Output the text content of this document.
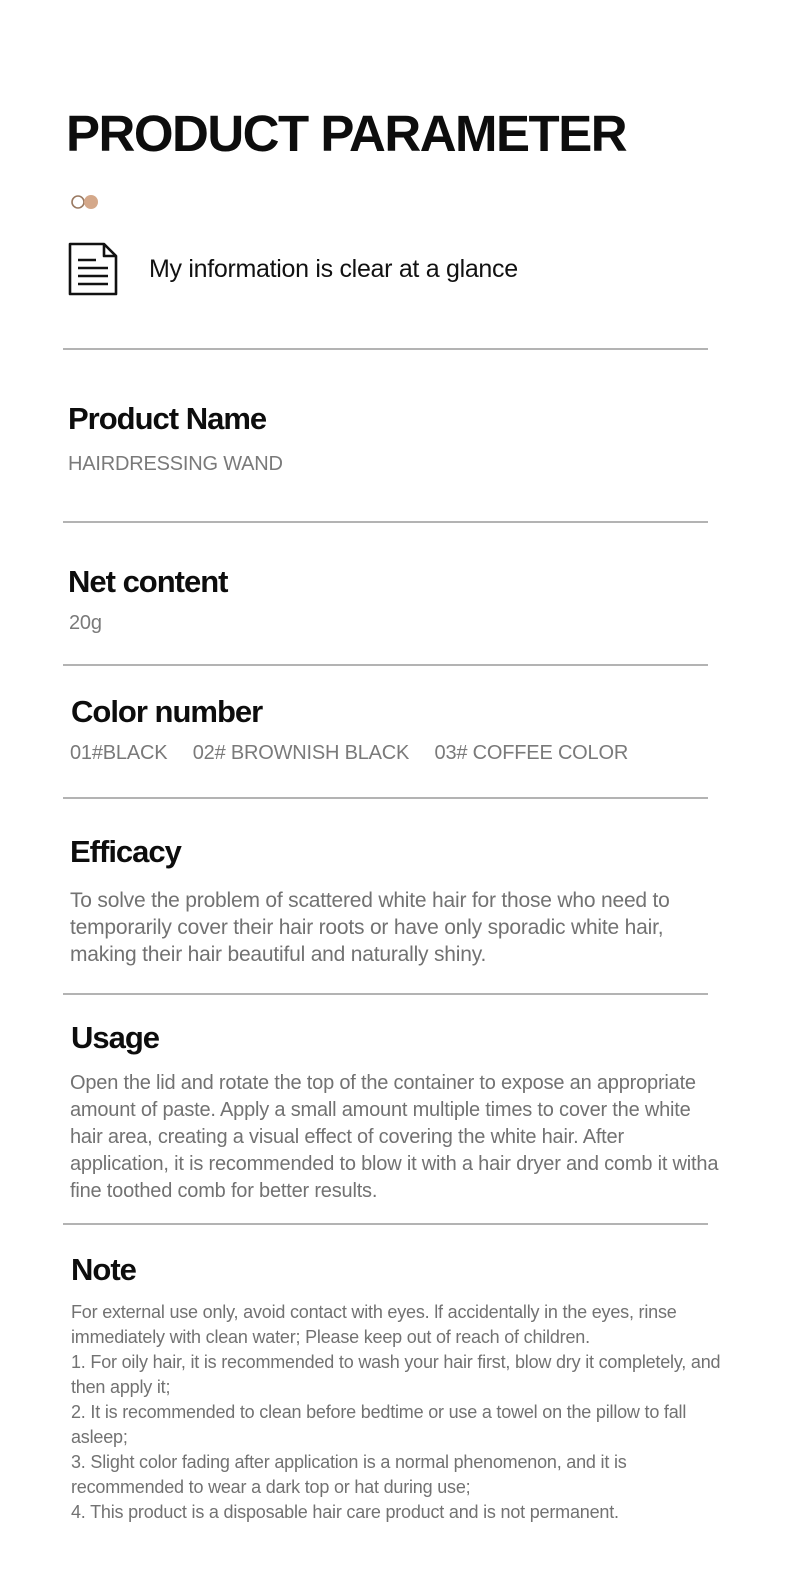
PRODUCT PARAMETER
My information is clear at a glance
Product Name
HAIRDRESSING WAND
Net content
20g
Color number
01#BLACK 02# BROWNISH BLACK 03# COFFEE COLOR
Efficacy
To solve the problem of scattered white hair for those who need to temporarily cover their hair roots or have only sporadic white hair, making their hair beautiful and naturally shiny.
Usage
Open the lid and rotate the top of the container to expose an appropriate amount of paste. Apply a small amount multiple times to cover the white hair area, creating a visual effect of covering the white hair. After application, it is recommended to blow it with a hair dryer and comb it witha fine toothed comb for better results.
Note
For external use only, avoid contact with eyes. lf accidentally in the eyes, rinse immediately with clean water; Please keep out of reach of children.
1. For oily hair, it is recommended to wash your hair first, blow dry it completely, and then apply it;
2. It is recommended to clean before bedtime or use a towel on the pillow to fall asleep;
3. Slight color fading after application is a normal phenomenon, and it is recommended to wear a dark top or hat during use;
4. This product is a disposable hair care product and is not permanent.
